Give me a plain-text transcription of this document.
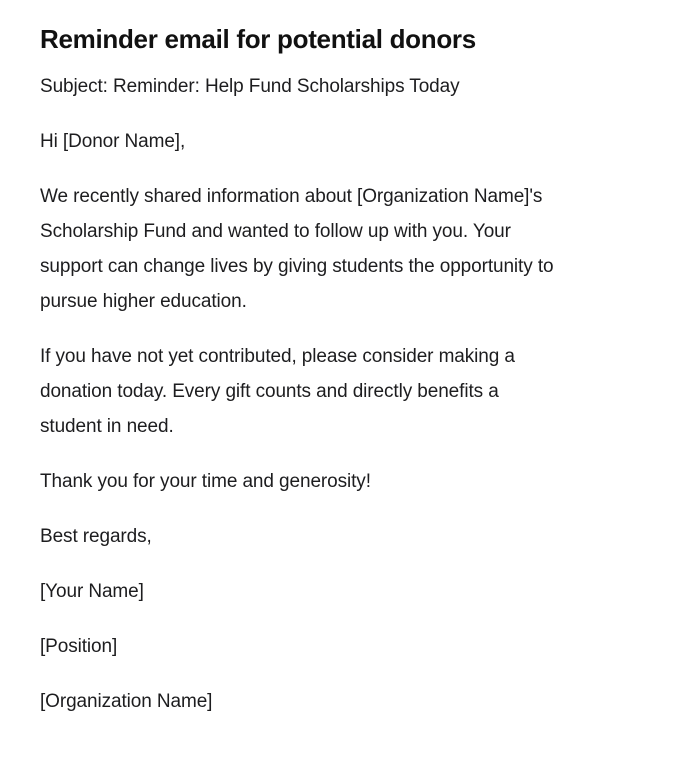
Reminder email for potential donors

Subject: Reminder: Help Fund Scholarships Today

Hi [Donor Name],

We recently shared information about [Organization Name]'s
Scholarship Fund and wanted to follow up with you. Your
support can change lives by giving students the opportunity to
pursue higher education.

If you have not yet contributed, please consider making a
donation today. Every gift counts and directly benefits a
student in need.

Thank you for your time and generosity!

Best regards,

[Your Name]

[Position]

[Organization Name]
